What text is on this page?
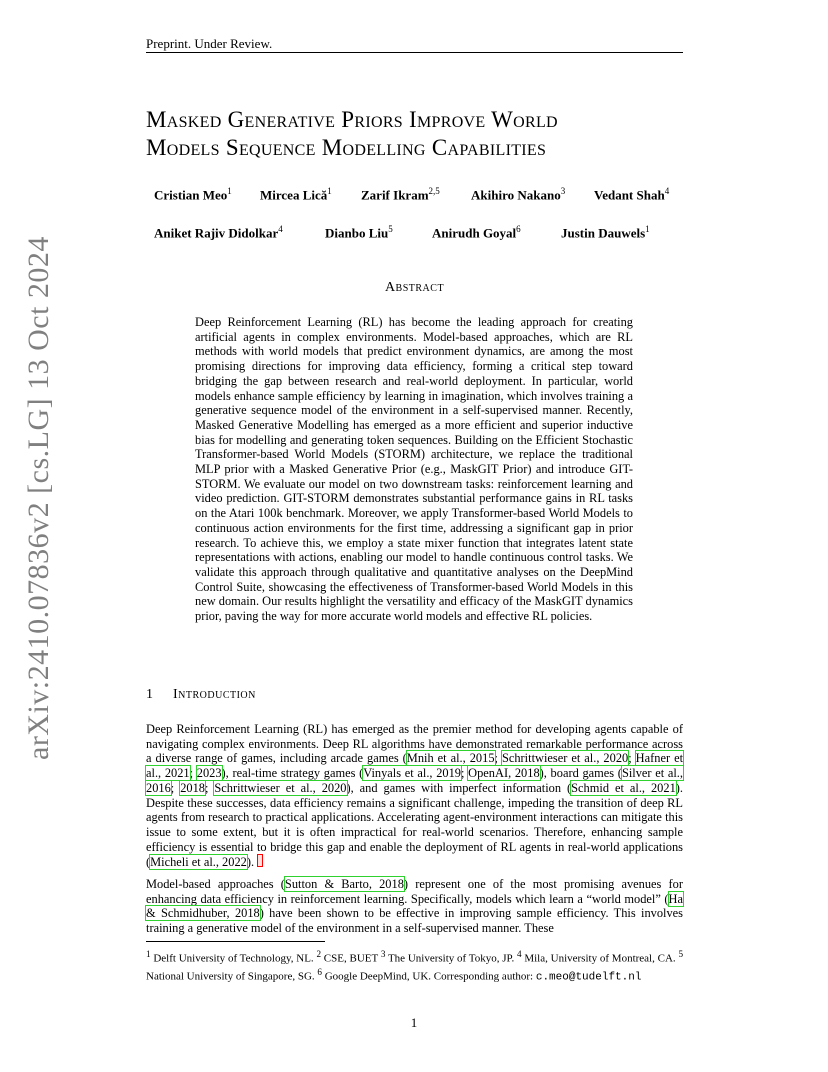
Preprint. Under Review.
arXiv:2410.07836v2 [cs.LG] 13 Oct 2024
Masked Generative Priors Improve World
Models Sequence Modelling Capabilities
Cristian Meo$^1$ Mircea Lică$^1$ Zarif Ikram$^{2,5}$ Akihiro Nakano$^3$ Vedant Shah$^4$
Aniket Rajiv Didolkar$^4$	Dianbo Liu$^5$	Anirudh Goyal$^6$	Justin Dauwels$^1$
Abstract
Deep Reinforcement Learning (RL) has become the leading approach for creating artificial agents in complex environments. Model-based approaches, which are RL methods with world models that predict environment dynamics, are among the most promising directions for improving data efficiency, forming a critical step toward bridging the gap between research and real-world deployment. In particular, world models enhance sample efficiency by learning in imagination, which involves training a generative sequence model of the environment in a self-supervised manner. Recently, Masked Generative Modelling has emerged as a more efficient and superior inductive bias for modelling and generating token sequences. Building on the Efficient Stochastic Transformer-based World Models (STORM) architecture, we replace the traditional MLP prior with a Masked Generative Prior (e.g., MaskGIT Prior) and introduce GIT-STORM. We evaluate our model on two downstream tasks: reinforcement learning and video prediction. GIT-STORM demonstrates substantial performance gains in RL tasks on the Atari 100k benchmark. Moreover, we apply Transformer-based World Models to continuous action environments for the first time, addressing a significant gap in prior research. To achieve this, we employ a state mixer function that integrates latent state representations with actions, enabling our model to handle continuous control tasks. We validate this approach through qualitative and quantitative analyses on the DeepMind Control Suite, showcasing the effectiveness of Transformer-based World Models in this new domain. Our results highlight the versatility and efficacy of the MaskGIT dynamics prior, paving the way for more accurate world models and effective RL policies.
1 Introduction
Deep Reinforcement Learning (RL) has emerged as the premier method for developing agents capable of navigating complex environments. Deep RL algorithms have demonstrated remarkable performance across a diverse range of games, including arcade games (Mnih et al., 2015; Schrittwieser et al., 2020; Hafner et al., 2021; 2023), real-time strategy games (Vinyals et al., 2019; OpenAI, 2018), board games (Silver et al., 2016; 2018; Schrittwieser et al., 2020), and games with imperfect information (Schmid et al., 2021). Despite these successes, data efficiency remains a significant challenge, impeding the transition of deep RL agents from research to practical applications. Accelerating agent-environment interactions can mitigate this issue to some extent, but it is often impractical for real-world scenarios. Therefore, enhancing sample efficiency is essential to bridge this gap and enable the deployment of RL agents in real-world applications (Micheli et al., 2022).
Model-based approaches (Sutton & Barto, 2018) represent one of the most promising avenues for enhancing data efficiency in reinforcement learning. Specifically, models which learn a “world model” (Ha & Schmidhuber, 2018) have been shown to be effective in improving sample efficiency. This involves training a generative model of the environment in a self-supervised manner. These
$^1$ Delft University of Technology, NL. $^2$ CSE, BUET $^3$ The University of Tokyo, JP. $^4$ Mila, University of Montreal, CA. $^5$ National University of Singapore, SG. $^6$ Google DeepMind, UK. Corresponding author: c.meo@tudelft.nl
1
